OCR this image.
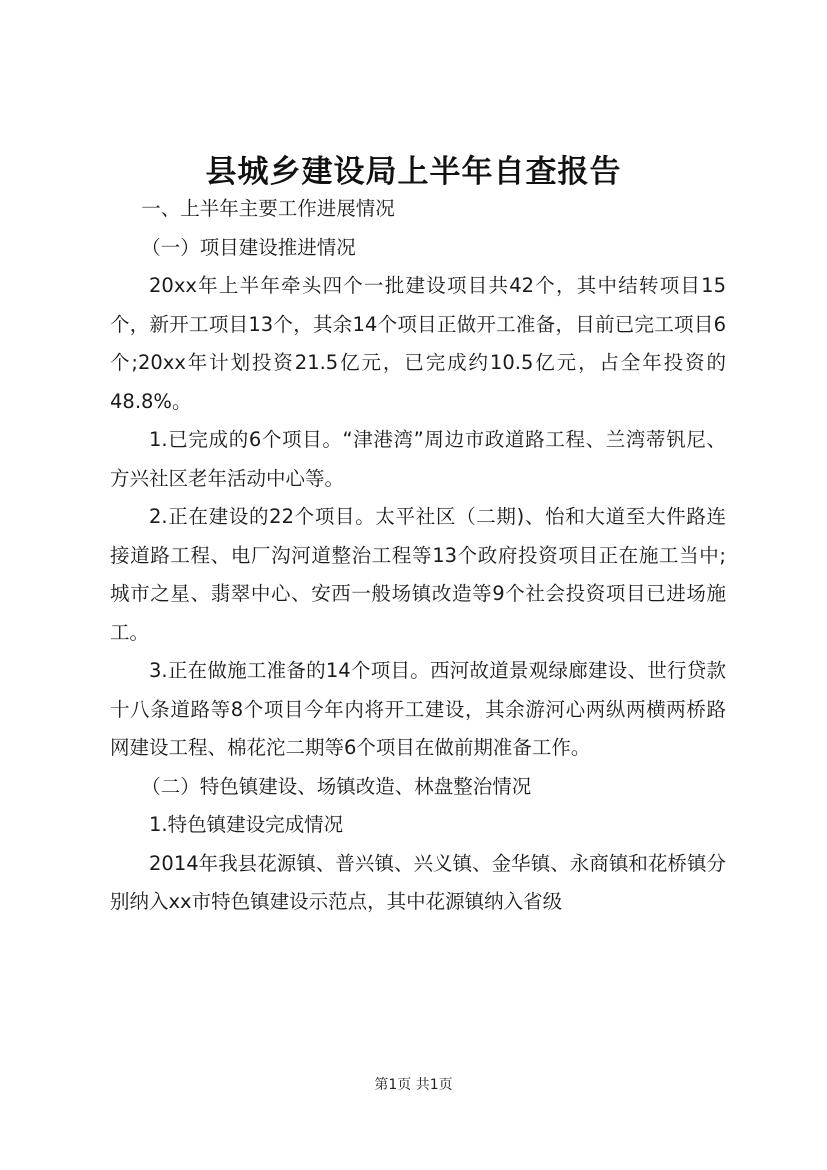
县城乡建设局上半年自查报告

一、上半年主要工作进展情况

（一）项目建设推进情况

20xx年上半年牵头四个一批建设项目共42个，其中结转项目15个，新开工项目13个，其余14个项目正做开工准备，目前已完工项目6个;20xx年计划投资21.5亿元，已完成约10.5亿元，占全年投资的48.8%。

1.已完成的6个项目。“津港湾”周边市政道路工程、兰湾蒂钒尼、方兴社区老年活动中心等。

2.正在建设的22个项目。太平社区（二期)、怡和大道至大件路连接道路工程、电厂沟河道整治工程等13个政府投资项目正在施工当中;城市之星、翡翠中心、安西一般场镇改造等9个社会投资项目已进场施工。

3.正在做施工准备的14个项目。西河故道景观绿廊建设、世行贷款十八条道路等8个项目今年内将开工建设，其余游河心两纵两横两桥路网建设工程、棉花沱二期等6个项目在做前期准备工作。

（二）特色镇建设、场镇改造、林盘整治情况

1.特色镇建设完成情况

2014年我县花源镇、普兴镇、兴义镇、金华镇、永商镇和花桥镇分别纳入xx市特色镇建设示范点，其中花源镇纳入省级

第1页 共1页
